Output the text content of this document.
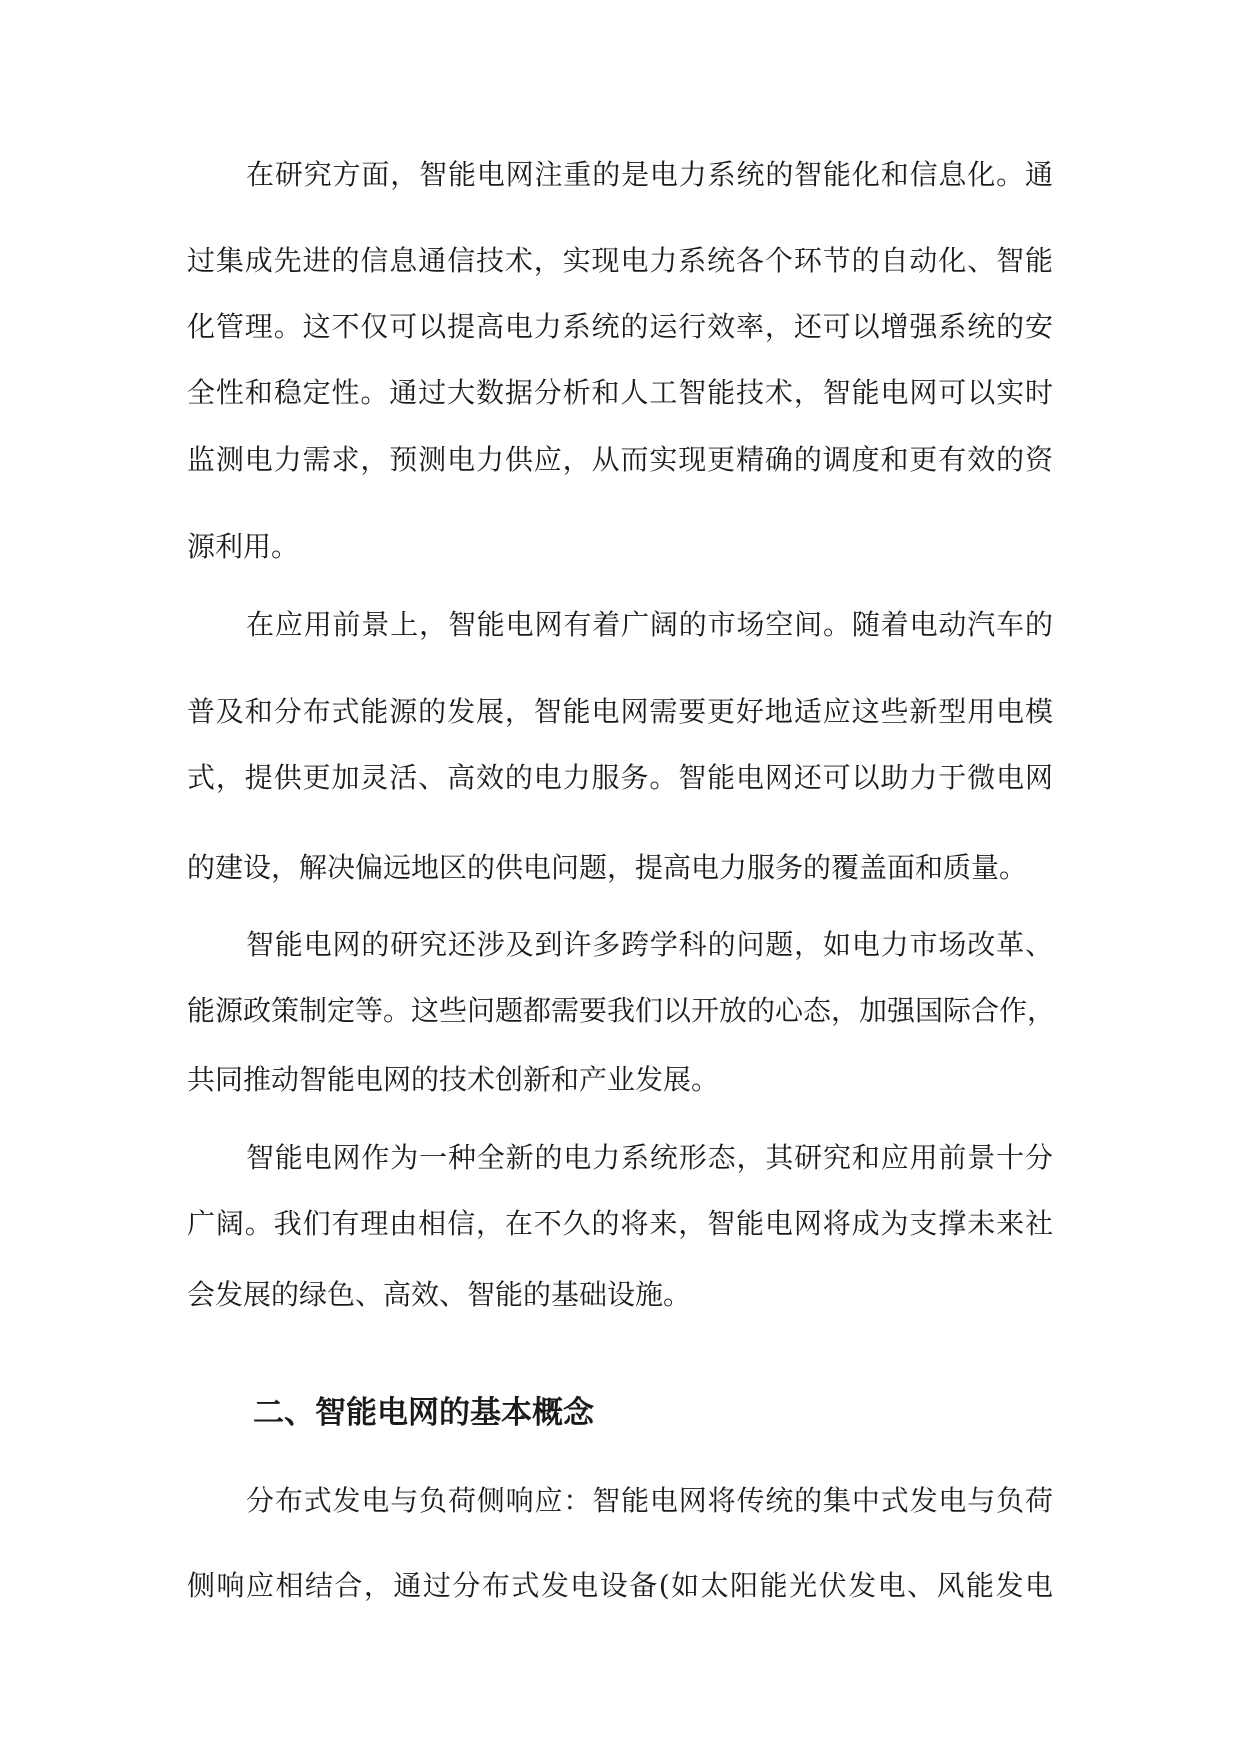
在研究方面，智能电网注重的是电力系统的智能化和信息化。通
过集成先进的信息通信技术，实现电力系统各个环节的自动化、智能
化管理。这不仅可以提高电力系统的运行效率，还可以增强系统的安
全性和稳定性。通过大数据分析和人工智能技术，智能电网可以实时
监测电力需求，预测电力供应，从而实现更精确的调度和更有效的资
源利用。
在应用前景上，智能电网有着广阔的市场空间。随着电动汽车的
普及和分布式能源的发展，智能电网需要更好地适应这些新型用电模
式，提供更加灵活、高效的电力服务。智能电网还可以助力于微电网
的建设，解决偏远地区的供电问题，提高电力服务的覆盖面和质量。
智能电网的研究还涉及到许多跨学科的问题，如电力市场改革、
能源政策制定等。这些问题都需要我们以开放的心态，加强国际合作，
共同推动智能电网的技术创新和产业发展。
智能电网作为一种全新的电力系统形态，其研究和应用前景十分
广阔。我们有理由相信，在不久的将来，智能电网将成为支撑未来社
会发展的绿色、高效、智能的基础设施。
二、智能电网的基本概念
分布式发电与负荷侧响应：智能电网将传统的集中式发电与负荷
侧响应相结合，通过分布式发电设备(如太阳能光伏发电、风能发电
